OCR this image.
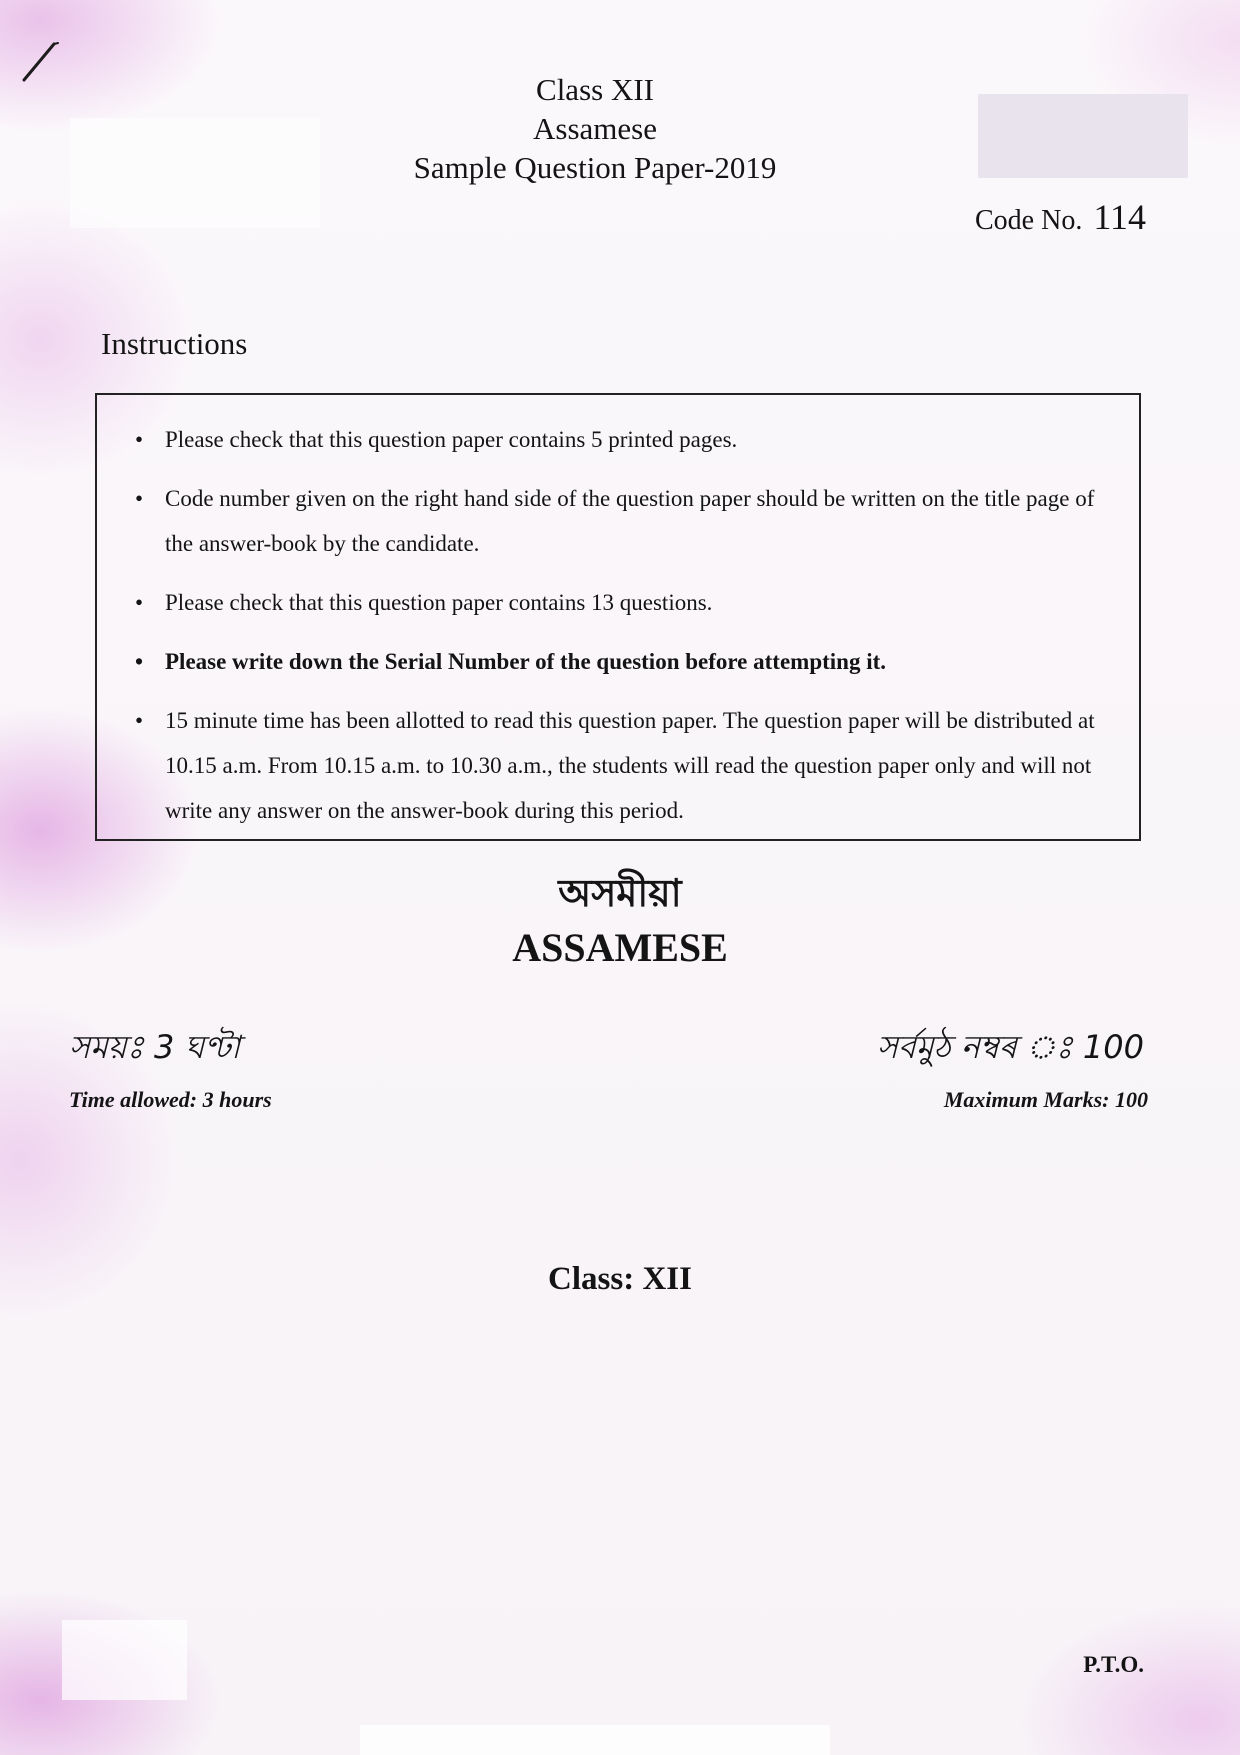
Class XII
Assamese
Sample Question Paper-2019
Code No. 114
Instructions
• Please check that this question paper contains 5 printed pages.
• Code number given on the right hand side of the question paper should be written on the title page of the answer-book by the candidate.
• Please check that this question paper contains 13 questions.
• Please write down the Serial Number of the question before attempting it.
• 15 minute time has been allotted to read this question paper. The question paper will be distributed at 10.15 a.m. From 10.15 a.m. to 10.30 a.m., the students will read the question paper only and will not write any answer on the answer-book during this period.
অসমীয়া
ASSAMESE
সময়ঃ 3 ঘণ্টা
Time allowed: 3 hours
সৰ্বমুঠ নম্বৰ ঃ 100
Maximum Marks: 100
Class: XII
P.T.O.
